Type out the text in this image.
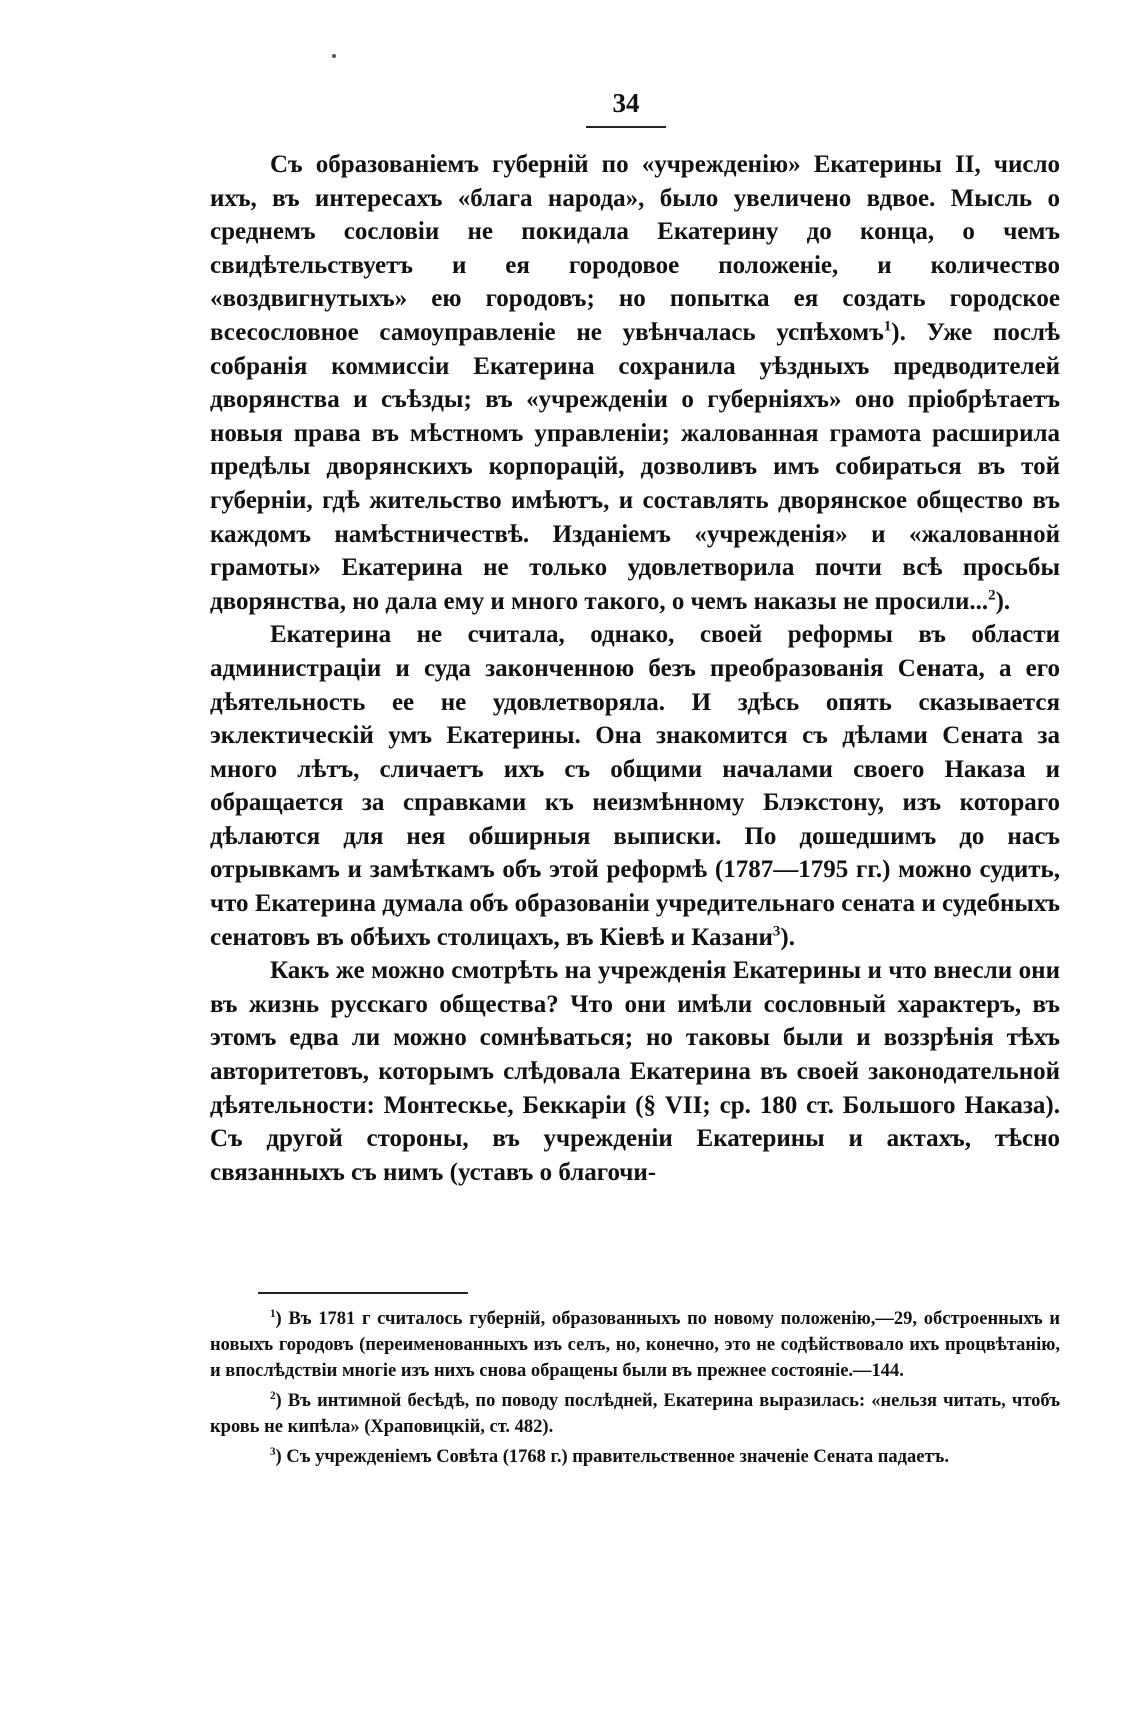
34

Съ образованіемъ губерній по «учрежденію» Екатерины II, число ихъ, въ интересахъ «блага народа», было увеличено вдвое. Мысль о среднемъ сословіи не покидала Екатерину до конца, о чемъ свидѣтельствуетъ и ея городовое положеніе, и количество «воздвигнутыхъ» ею городовъ; но попытка ея создать городское всесословное самоуправленіе не увѣнчалась успѣхомъ$^1$). Уже послѣ собранія коммиссіи Екатерина сохранила уѣздныхъ предводителей дворянства и съѣзды; въ «учрежденіи о губерніяхъ» оно пріобрѣтаетъ новыя права въ мѣстномъ управленіи; жалованная грамота расширила предѣлы дворянскихъ корпорацій, дозволивъ имъ собираться въ той губерніи, гдѣ жительство имѣютъ, и составлять дворянское общество въ каждомъ намѣстничествѣ. Изданіемъ «учрежденія» и «жалованной грамоты» Екатерина не только удовлетворила почти всѣ просьбы дворянства, но дала ему и много такого, о чемъ наказы не просили...$^2$).

Екатерина не считала, однако, своей реформы въ области администраціи и суда законченною безъ преобразованія Сената, а его дѣятельность ее не удовлетворяла. И здѣсь опять сказывается эклектическій умъ Екатерины. Она знакомится съ дѣлами Сената за много лѣтъ, сличаетъ ихъ съ общими началами своего Наказа и обращается за справками къ неизмѣнному Блэкстону, изъ котораго дѣлаются для нея обширныя выписки. По дошедшимъ до насъ отрывкамъ и замѣткамъ объ этой реформѣ (1787—1795 гг.) можно судить, что Екатерина думала объ образованіи учредительнаго сената и судебныхъ сенатовъ въ обѣихъ столицахъ, въ Кіевѣ и Казани$^3$).

Какъ же можно смотрѣть на учрежденія Екатерины и что внесли они въ жизнь русскаго общества? Что они имѣли сословный характеръ, въ этомъ едва ли можно сомнѣваться; но таковы были и воззрѣнія тѣхъ авторитетовъ, которымъ слѣдовала Екатерина въ своей законодательной дѣятельности: Монтескье, Беккаріи (§ VII; ср. 180 ст. Большого Наказа). Съ другой стороны, въ учрежденіи Екатерины и актахъ, тѣсно связанныхъ съ нимъ (уставъ о благочи-

$^1$) Въ 1781 г считалось губерній, образованныхъ по новому положенію,—29, обстроенныхъ и новыхъ городовъ (переименованныхъ изъ селъ, но, конечно, это не содѣйствовало ихъ процвѣтанію, и впослѣдствіи многіе изъ нихъ снова обращены были въ прежнее состояніе.—144.

$^2$) Въ интимной бесѣдѣ, по поводу послѣдней, Екатерина выразилась: «нельзя читать, чтобъ кровь не кипѣла» (Храповицкій, ст. 482).

$^3$) Съ учрежденіемъ Совѣта (1768 г.) правительственное значеніе Сената падаетъ.
